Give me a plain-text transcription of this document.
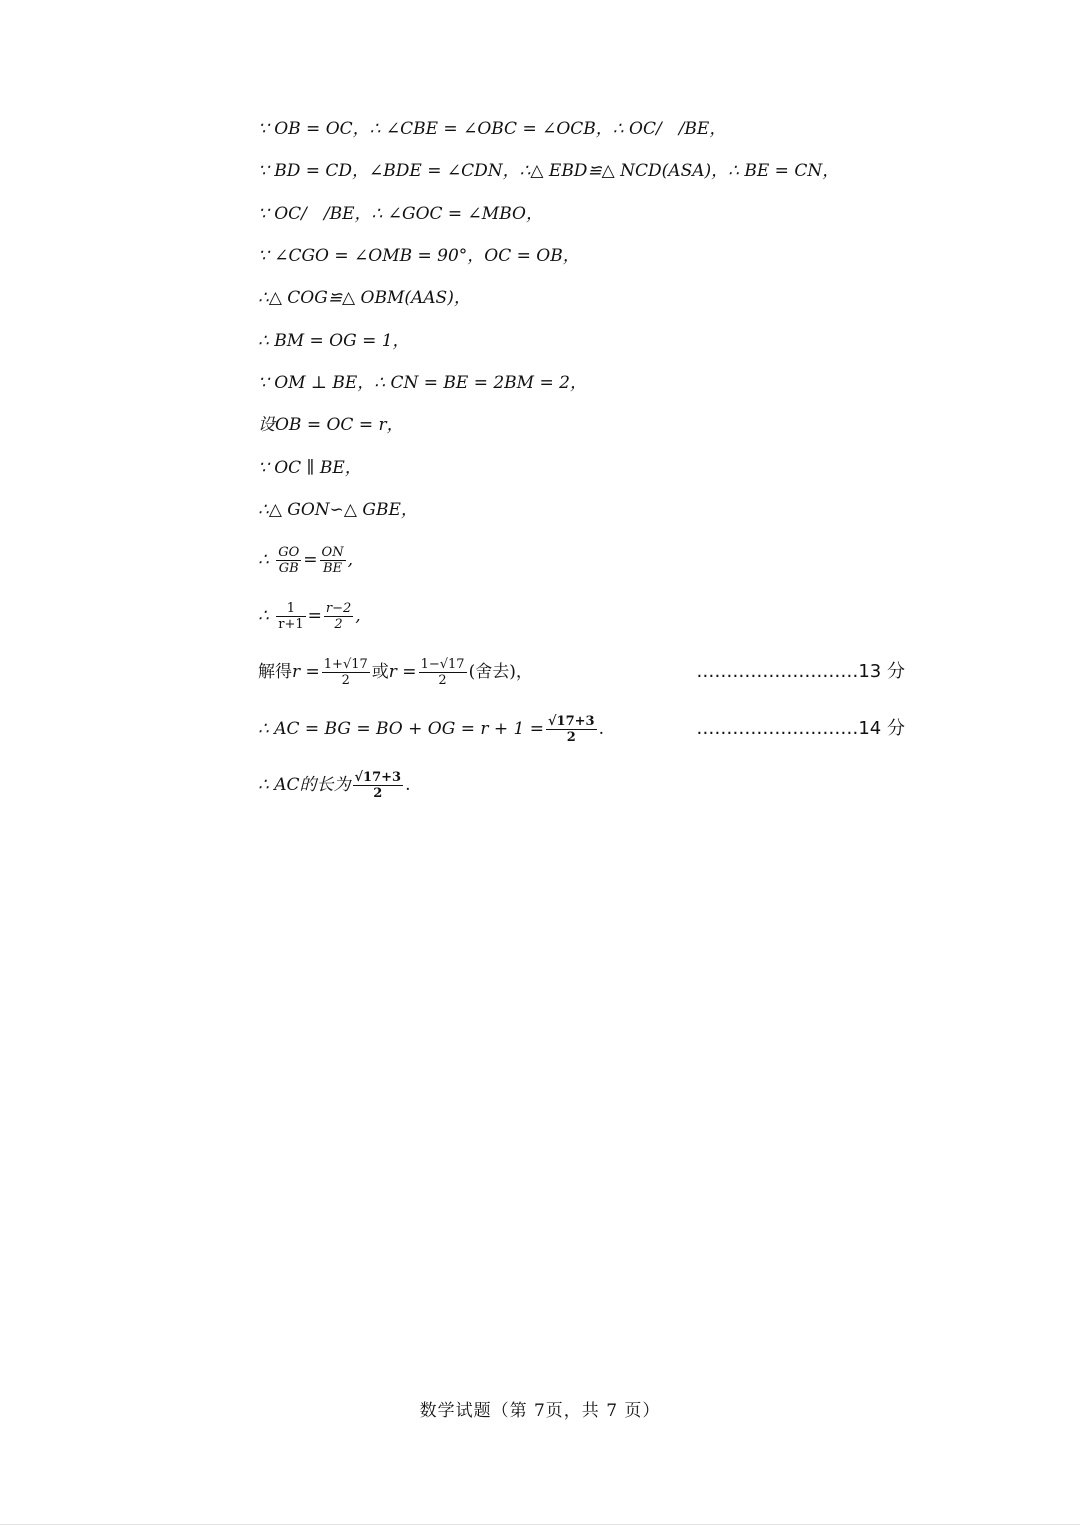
∵ OB = OC，∴ ∠CBE = ∠OBC = ∠OCB，∴ OC/　/BE，
∵ BD = CD，∠BDE = ∠CDN，∴△ EBD≌△ NCD(ASA)，∴ BE = CN，
∵ OC/　/BE，∴ ∠GOC = ∠MBO，
∵ ∠CGO = ∠OMB = 90°，OC = OB，
∴△ COG≌△ OBM(AAS)，
∴ BM = OG = 1，
∵ OM ⊥ BE，∴ CN = BE = 2BM = 2，
设OB = OC = r，
∵ OC ∥ BE，
∴△ GON∽△ GBE，
∴ $\frac{GO}{GB} = \frac{ON}{BE}$ ,
∴ $\frac{1}{r+1} = \frac{r-2}{2}$ ,
解得$r = \frac{1+√17}{2}$ 或$r = \frac{1-√17}{2}$ (舍去)，	………………………13 分
∴ AC = BG = BO + OG = $r + 1 = \frac{√17+3}{2}$ .	………………………14 分
∴ AC的长为 $\frac{√17+3}{2}$ .
数学试题（第 7页，共 7 页）
